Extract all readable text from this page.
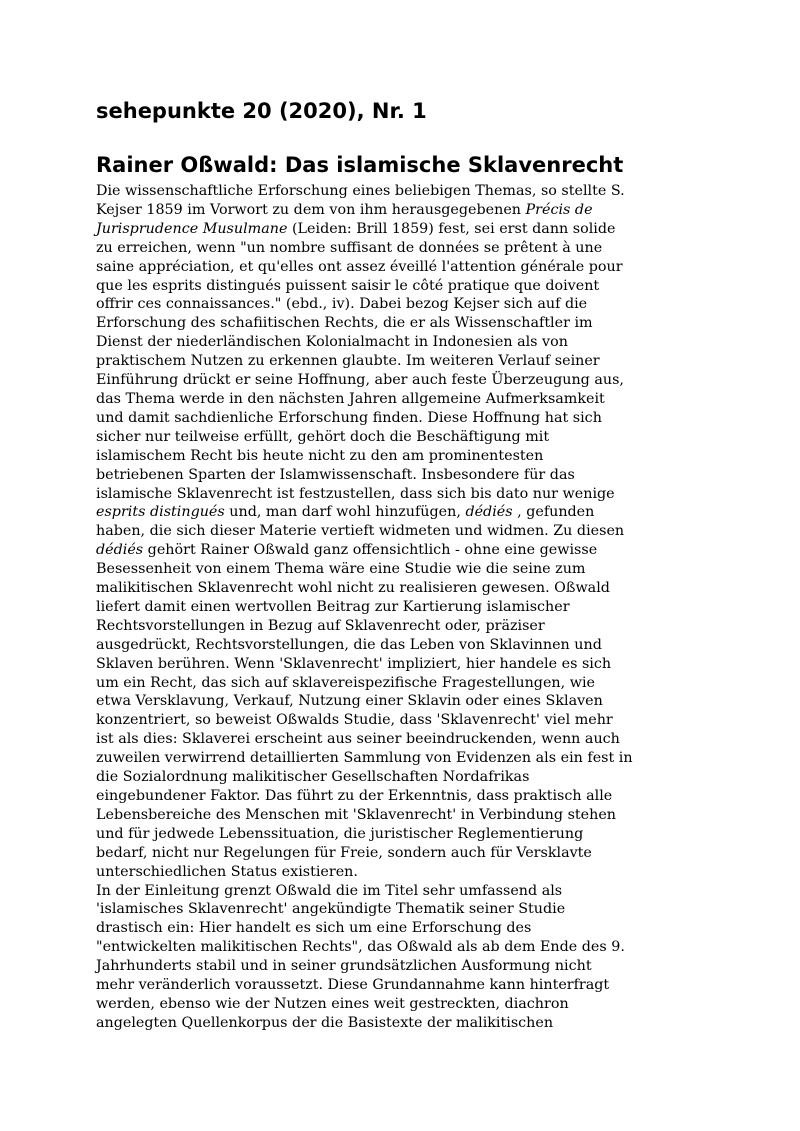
sehepunkte 20 (2020), Nr. 1
Rainer Oßwald: Das islamische Sklavenrecht
Die wissenschaftliche Erforschung eines beliebigen Themas, so stellte S.
Kejser 1859 im Vorwort zu dem von ihm herausgegebenen Précis de
Jurisprudence Musulmane (Leiden: Brill 1859) fest, sei erst dann solide
zu erreichen, wenn "un nombre suffisant de données se prêtent à une
saine appréciation, et qu'elles ont assez éveillé l'attention générale pour
que les esprits distingués puissent saisir le côté pratique que doivent
offrir ces connaissances." (ebd., iv). Dabei bezog Kejser sich auf die
Erforschung des schafiitischen Rechts, die er als Wissenschaftler im
Dienst der niederländischen Kolonialmacht in Indonesien als von
praktischem Nutzen zu erkennen glaubte. Im weiteren Verlauf seiner
Einführung drückt er seine Hoffnung, aber auch feste Überzeugung aus,
das Thema werde in den nächsten Jahren allgemeine Aufmerksamkeit
und damit sachdienliche Erforschung finden. Diese Hoffnung hat sich
sicher nur teilweise erfüllt, gehört doch die Beschäftigung mit
islamischem Recht bis heute nicht zu den am prominentesten
betriebenen Sparten der Islamwissenschaft. Insbesondere für das
islamische Sklavenrecht ist festzustellen, dass sich bis dato nur wenige
esprits distingués und, man darf wohl hinzufügen, dédiés , gefunden
haben, die sich dieser Materie vertieft widmeten und widmen. Zu diesen
dédiés gehört Rainer Oßwald ganz offensichtlich - ohne eine gewisse
Besessenheit von einem Thema wäre eine Studie wie die seine zum
malikitischen Sklavenrecht wohl nicht zu realisieren gewesen. Oßwald
liefert damit einen wertvollen Beitrag zur Kartierung islamischer
Rechtsvorstellungen in Bezug auf Sklavenrecht oder, präziser
ausgedrückt, Rechtsvorstellungen, die das Leben von Sklavinnen und
Sklaven berühren. Wenn 'Sklavenrecht' impliziert, hier handele es sich
um ein Recht, das sich auf sklavereispezifische Fragestellungen, wie
etwa Versklavung, Verkauf, Nutzung einer Sklavin oder eines Sklaven
konzentriert, so beweist Oßwalds Studie, dass 'Sklavenrecht' viel mehr
ist als dies: Sklaverei erscheint aus seiner beeindruckenden, wenn auch
zuweilen verwirrend detaillierten Sammlung von Evidenzen als ein fest in
die Sozialordnung malikitischer Gesellschaften Nordafrikas
eingebundener Faktor. Das führt zu der Erkenntnis, dass praktisch alle
Lebensbereiche des Menschen mit 'Sklavenrecht' in Verbindung stehen
und für jedwede Lebenssituation, die juristischer Reglementierung
bedarf, nicht nur Regelungen für Freie, sondern auch für Versklavte
unterschiedlichen Status existieren.
In der Einleitung grenzt Oßwald die im Titel sehr umfassend als
'islamisches Sklavenrecht' angekündigte Thematik seiner Studie
drastisch ein: Hier handelt es sich um eine Erforschung des
"entwickelten malikitischen Rechts", das Oßwald als ab dem Ende des 9.
Jahrhunderts stabil und in seiner grundsätzlichen Ausformung nicht
mehr veränderlich voraussetzt. Diese Grundannahme kann hinterfragt
werden, ebenso wie der Nutzen eines weit gestreckten, diachron
angelegten Quellenkorpus der die Basistexte der malikitischen
